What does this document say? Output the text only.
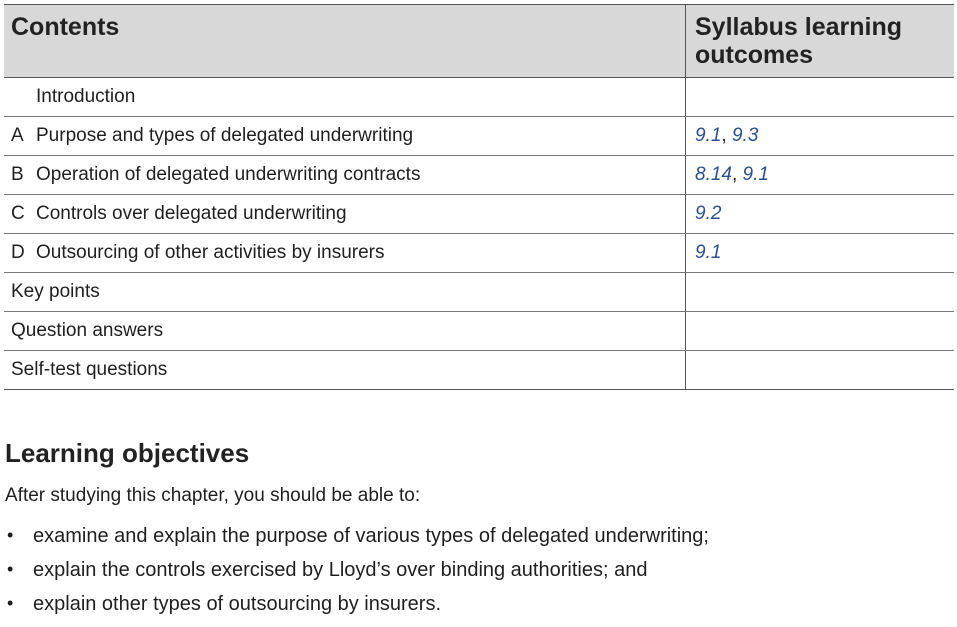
Contents	Syllabus learning outcomes

Introduction	

A Purpose and types of delegated underwriting	9.1, 9.3

B Operation of delegated underwriting contracts	8.14, 9.1

C Controls over delegated underwriting	9.2

D Outsourcing of other activities by insurers	9.1

Key points	

Question answers	

Self-test questions	

Learning objectives

After studying this chapter, you should be able to:

• examine and explain the purpose of various types of delegated underwriting;
• explain the controls exercised by Lloyd’s over binding authorities; and
• explain other types of outsourcing by insurers.
